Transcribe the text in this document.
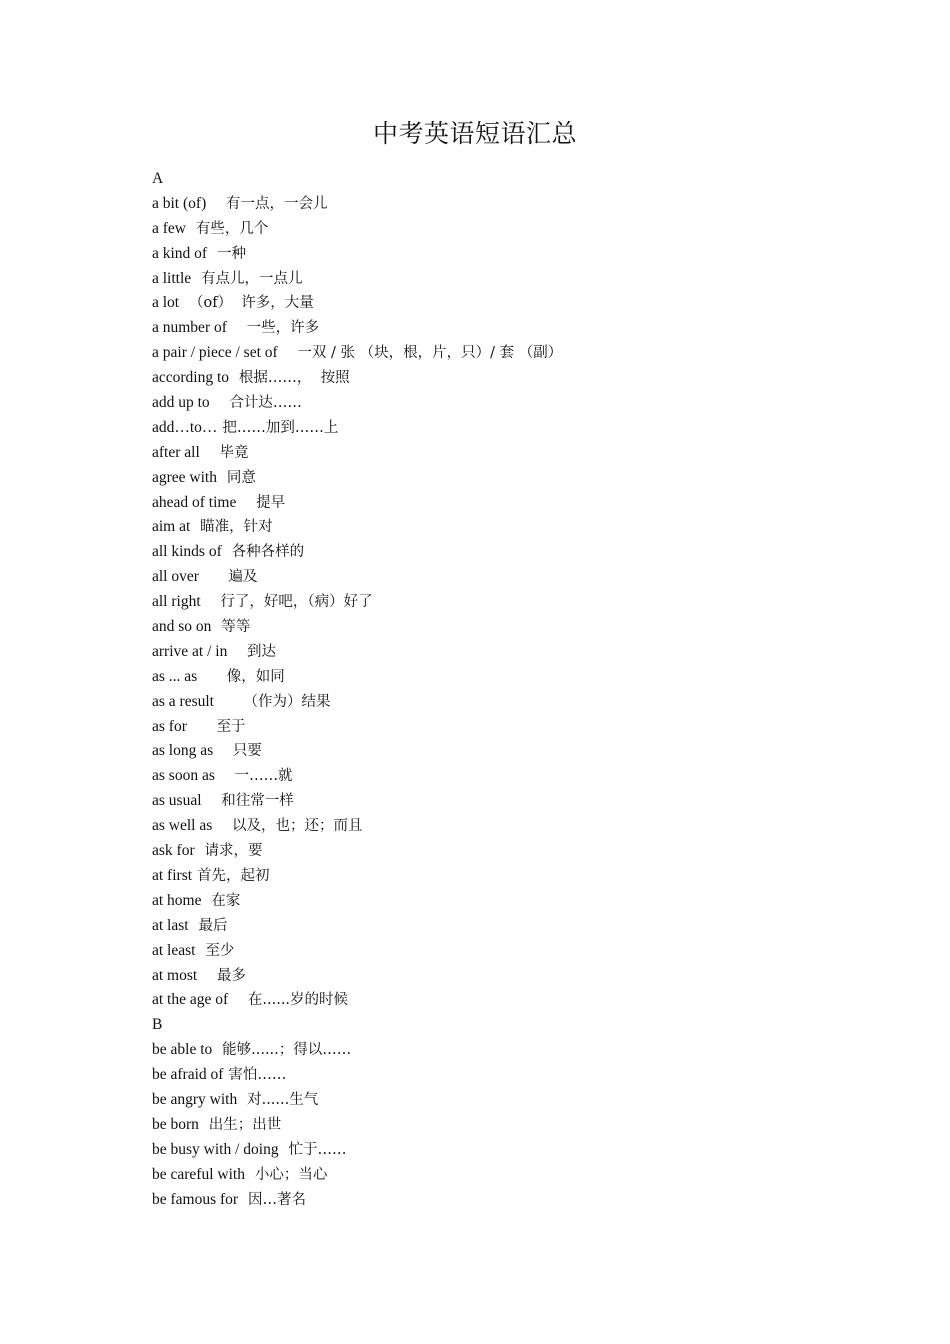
中考英语短语汇总
A
a bit (of) 有一点，一会儿
a few 有些，几个
a kind of 一种
a little 有点儿，一点儿
a lot （of）  许多，大量
a number of 一些，许多
a pair / piece / set of 一双 / 张 （块，根，片，只）/ 套 （副）
according to 根据……，  按照
add up to 合计达……
add…to… 把……加到……上
after all 毕竟
agree with 同意
ahead of time 提早
aim at 瞄准，针对
all kinds of 各种各样的
all over 遍及
all right 行了，好吧，（病）好了
and so on 等等
arrive at / in 到达
as ... as 像，如同
as a result （作为）结果
as for 至于
as long as 只要
as soon as 一……就
as usual 和往常一样
as well as 以及，也；还；而且
ask for 请求，要
at first 首先，起初
at home 在家
at last 最后
at least 至少
at most 最多
at the age of 在......岁的时候
B
be able to 能够......；得以……
be afraid of 害怕……
be angry with 对......生气
be born 出生；出世
be busy with / doing 忙于……
be careful with 小心；当心
be famous for 因…著名
